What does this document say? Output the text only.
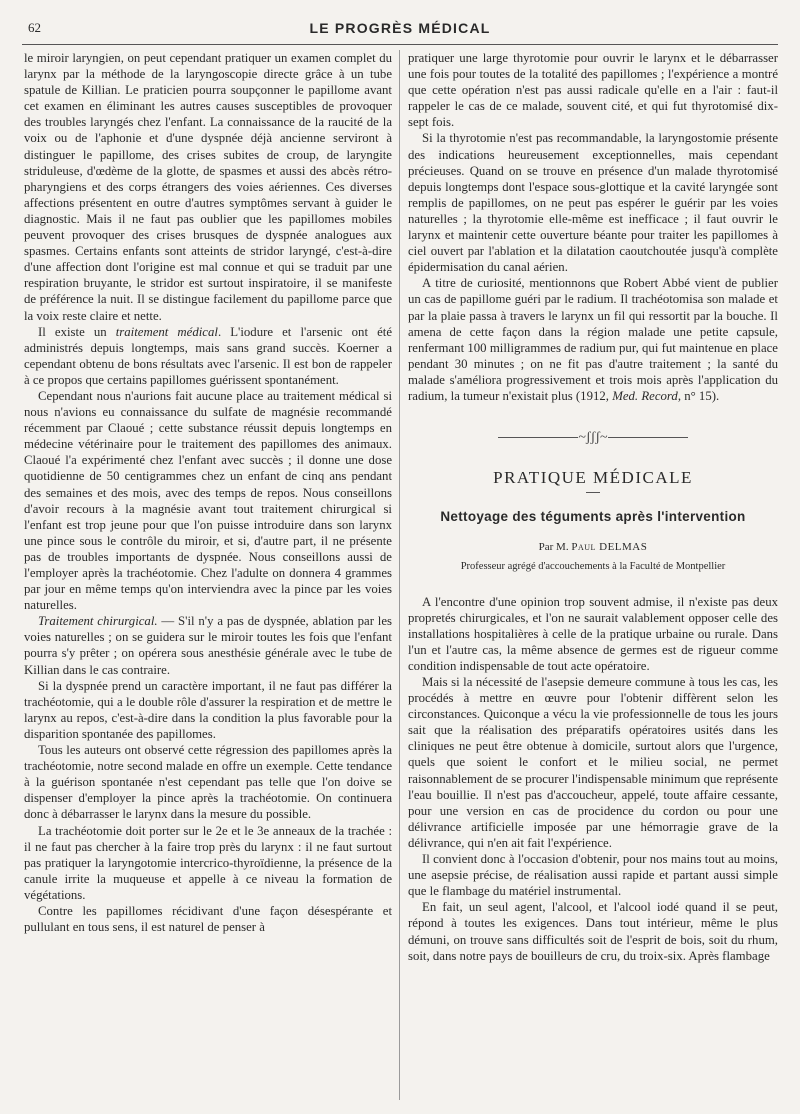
62	LE PROGRÈS MÉDICAL

le miroir laryngien, on peut cependant pratiquer un examen complet du larynx par la méthode de la laryngoscopie directe grâce à un tube spatule de Killian. Le praticien pourra soupçonner le papillome avant cet examen en éliminant les autres causes susceptibles de provoquer des troubles laryngés chez l'enfant. La connaissance de la raucité de la voix ou de l'aphonie et d'une dyspnée déjà ancienne serviront à distinguer le papillome, des crises subites de croup, de laryngite striduleuse, d'œdème de la glotte, de spasmes et aussi des abcès rétro-pharyngiens et des corps étrangers des voies aériennes. Ces diverses affections présentent en outre d'autres symptômes servant à guider le diagnostic. Mais il ne faut pas oublier que les papillomes mobiles peuvent provoquer des crises brusques de dyspnée analogues aux spasmes. Certains enfants sont atteints de stridor laryngé, c'est-à-dire d'une affection dont l'origine est mal connue et qui se traduit par une respiration bruyante, le stridor est surtout inspiratoire, il se manifeste de préférence la nuit. Il se distingue facilement du papillome parce que la voix reste claire et nette.

Il existe un traitement médical. L'iodure et l'arsenic ont été administrés depuis longtemps, mais sans grand succès. Koerner a cependant obtenu de bons résultats avec l'arsenic. Il est bon de rappeler à ce propos que certains papillomes guérissent spontanément.

Cependant nous n'aurions fait aucune place au traitement médical si nous n'avions eu connaissance du sulfate de magnésie recommandé récemment par Claoué ; cette substance réussit depuis longtemps en médecine vétérinaire pour le traitement des papillomes des animaux. Claoué l'a expérimenté chez l'enfant avec succès ; il donne une dose quotidienne de 50 centigrammes chez un enfant de cinq ans pendant des semaines et des mois, avec des temps de repos. Nous conseillons d'avoir recours à la magnésie avant tout traitement chirurgical si l'enfant est trop jeune pour que l'on puisse introduire dans son larynx une pince sous le contrôle du miroir, et si, d'autre part, il ne présente pas de troubles importants de dyspnée. Nous conseillons aussi de l'employer après la trachéotomie. Chez l'adulte on donnera 4 grammes par jour en même temps qu'on interviendra avec la pince par les voies naturelles.

Traitement chirurgical. — S'il n'y a pas de dyspnée, ablation par les voies naturelles ; on se guidera sur le miroir toutes les fois que l'enfant pourra s'y prêter ; on opérera sous anesthésie générale avec le tube de Killian dans le cas contraire.

Si la dyspnée prend un caractère important, il ne faut pas différer la trachéotomie, qui a le double rôle d'assurer la respiration et de mettre le larynx au repos, c'est-à-dire dans la condition la plus favorable pour la disparition spontanée des papillomes.

Tous les auteurs ont observé cette régression des papillomes après la trachéotomie, notre second malade en offre un exemple. Cette tendance à la guérison spontanée n'est cependant pas telle que l'on doive se dispenser d'employer la pince après la trachéotomie. On continuera donc à débarrasser le larynx dans la mesure du possible.

La trachéotomie doit porter sur le 2e et le 3e anneaux de la trachée : il ne faut pas chercher à la faire trop près du larynx : il ne faut surtout pas pratiquer la laryngotomie intercrico-thyroïdienne, la présence de la canule irrite la muqueuse et appelle à ce niveau la formation de végétations.

Contre les papillomes récidivant d'une façon désespérante et pullulant en tous sens, il est naturel de penser à

pratiquer une large thyrotomie pour ouvrir le larynx et le débarrasser une fois pour toutes de la totalité des papillomes ; l'expérience a montré que cette opération n'est pas aussi radicale qu'elle en a l'air : faut-il rappeler le cas de ce malade, souvent cité, et qui fut thyrotomisé dix-sept fois.

Si la thyrotomie n'est pas recommandable, la laryngostomie présente des indications heureusement exceptionnelles, mais cependant précieuses. Quand on se trouve en présence d'un malade thyrotomisé depuis longtemps dont l'espace sous-glottique et la cavité laryngée sont remplis de papillomes, on ne peut pas espérer le guérir par les voies naturelles ; la thyrotomie elle-même est inefficace ; il faut ouvrir le larynx et maintenir cette ouverture béante pour traiter les papillomes à ciel ouvert par l'ablation et la dilatation caoutchoutée jusqu'à complète épidermisation du canal aérien.

A titre de curiosité, mentionnons que Robert Abbé vient de publier un cas de papillome guéri par le radium. Il trachéotomisa son malade et par la plaie passa à travers le larynx un fil qui ressortit par la bouche. Il amena de cette façon dans la région malade une petite capsule, renfermant 100 milligrammes de radium pur, qui fut maintenue en place pendant 30 minutes ; on ne fit pas d'autre traitement ; la santé du malade s'améliora progressivement et trois mois après l'application du radium, la tumeur n'existait plus (1912, Med. Record, n° 15).

~ʃʃʃ~
PRATIQUE MÉDICALE
Nettoyage des téguments après l'intervention
Par M. Paul DELMAS
Professeur agrégé d'accouchements à la Faculté de Montpellier

A l'encontre d'une opinion trop souvent admise, il n'existe pas deux propretés chirurgicales, et l'on ne saurait valablement opposer celle des installations hospitalières à celle de la pratique urbaine ou rurale. Dans l'un et l'autre cas, la même absence de germes est de rigueur comme condition indispensable de tout acte opératoire.

Mais si la nécessité de l'asepsie demeure commune à tous les cas, les procédés à mettre en œuvre pour l'obtenir diffèrent selon les circonstances. Quiconque a vécu la vie professionnelle de tous les jours sait que la réalisation des préparatifs opératoires usités dans les cliniques ne peut être obtenue à domicile, surtout alors que l'urgence, quels que soient le confort et le milieu social, ne permet raisonnablement de se procurer l'indispensable minimum que représente l'eau bouillie. Il n'est pas d'accoucheur, appelé, toute affaire cessante, pour une version en cas de procidence du cordon ou pour une délivrance artificielle imposée par une hémorragie grave de la délivrance, qui n'en ait fait l'expérience.

Il convient donc à l'occasion d'obtenir, pour nos mains tout au moins, une asepsie précise, de réalisation aussi rapide et partant aussi simple que le flambage du matériel instrumental.

En fait, un seul agent, l'alcool, et l'alcool iodé quand il se peut, répond à toutes les exigences. Dans tout intérieur, même le plus démuni, on trouve sans difficultés soit de l'esprit de bois, soit du rhum, soit, dans notre pays de bouilleurs de cru, du troix-six. Après flambage
